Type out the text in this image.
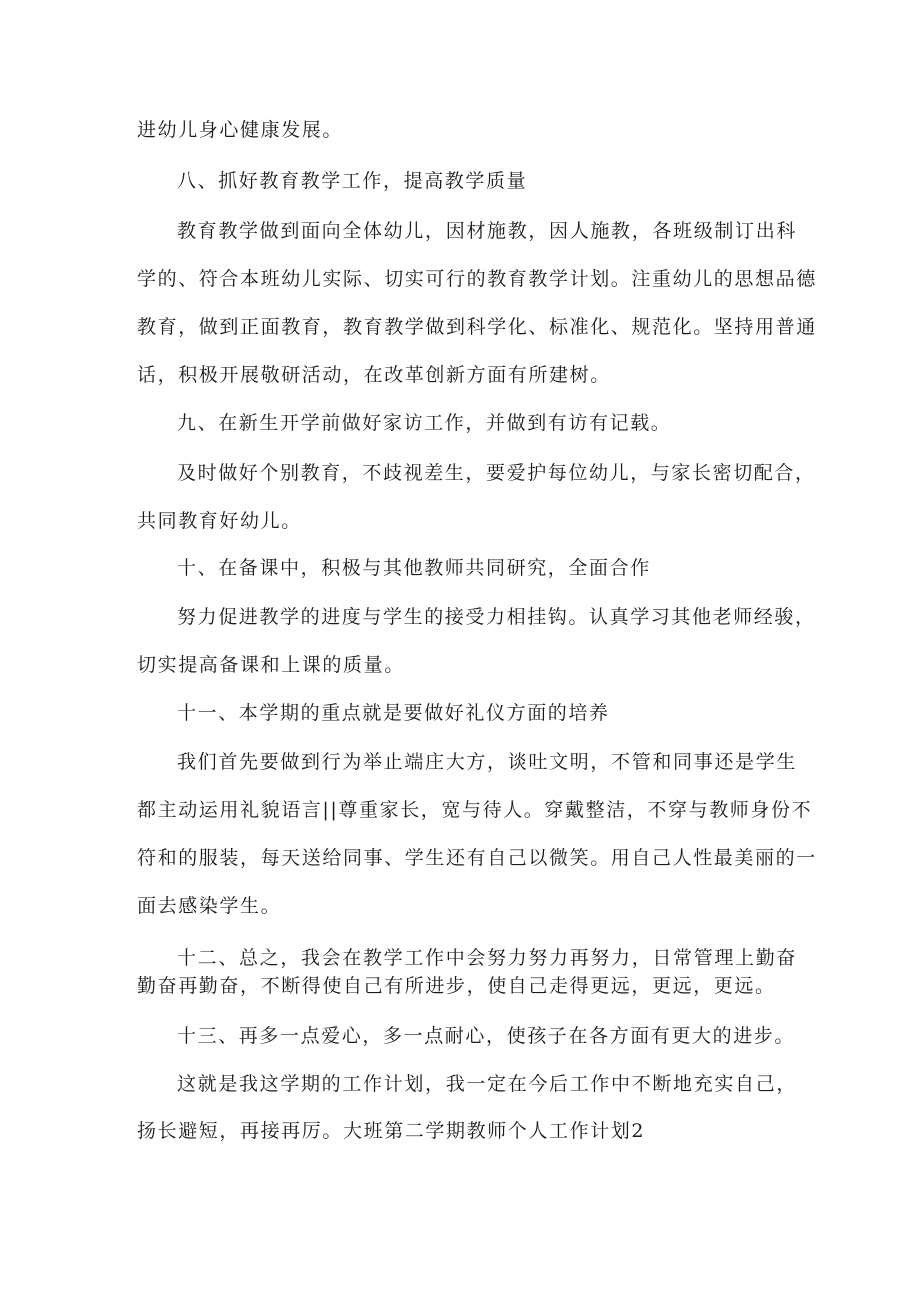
进幼儿身心健康发展。
八、抓好教育教学工作，提高教学质量
教育教学做到面向全体幼儿，因材施教，因人施教，各班级制订出科
学的、符合本班幼儿实际、切实可行的教育教学计划。注重幼儿的思想品德
教育，做到正面教育，教育教学做到科学化、标准化、规范化。坚持用普通
话，积极开展敬研活动，在改革创新方面有所建树。
九、在新生开学前做好家访工作，并做到有访有记载。
及时做好个别教育，不歧视差生，要爱护每位幼儿，与家长密切配合，
共同教育好幼儿。
十、在备课中，积极与其他教师共同研究，全面合作
努力促进教学的进度与学生的接受力相挂钩。认真学习其他老师经骏，
切实提高备课和上课的质量。
十一、本学期的重点就是要做好礼仪方面的培养
我们首先要做到行为举止端庄大方，谈吐文明，不管和同事还是学生
都主动运用礼貌语言||尊重家长，宽与待人。穿戴整洁，不穿与教师身份不
符和的服装，每天送给同事、学生还有自己以微笑。用自己人性最美丽的一
面去感染学生。
十二、总之，我会在教学工作中会努力努力再努力，日常管理上勤奋
勤奋再勤奋，不断得使自己有所进步，使自己走得更远，更远，更远。
十三、再多一点爱心，多一点耐心，使孩子在各方面有更大的进步。
这就是我这学期的工作计划，我一定在今后工作中不断地充实自己，
扬长避短，再接再厉。大班第二学期教师个人工作计划2
